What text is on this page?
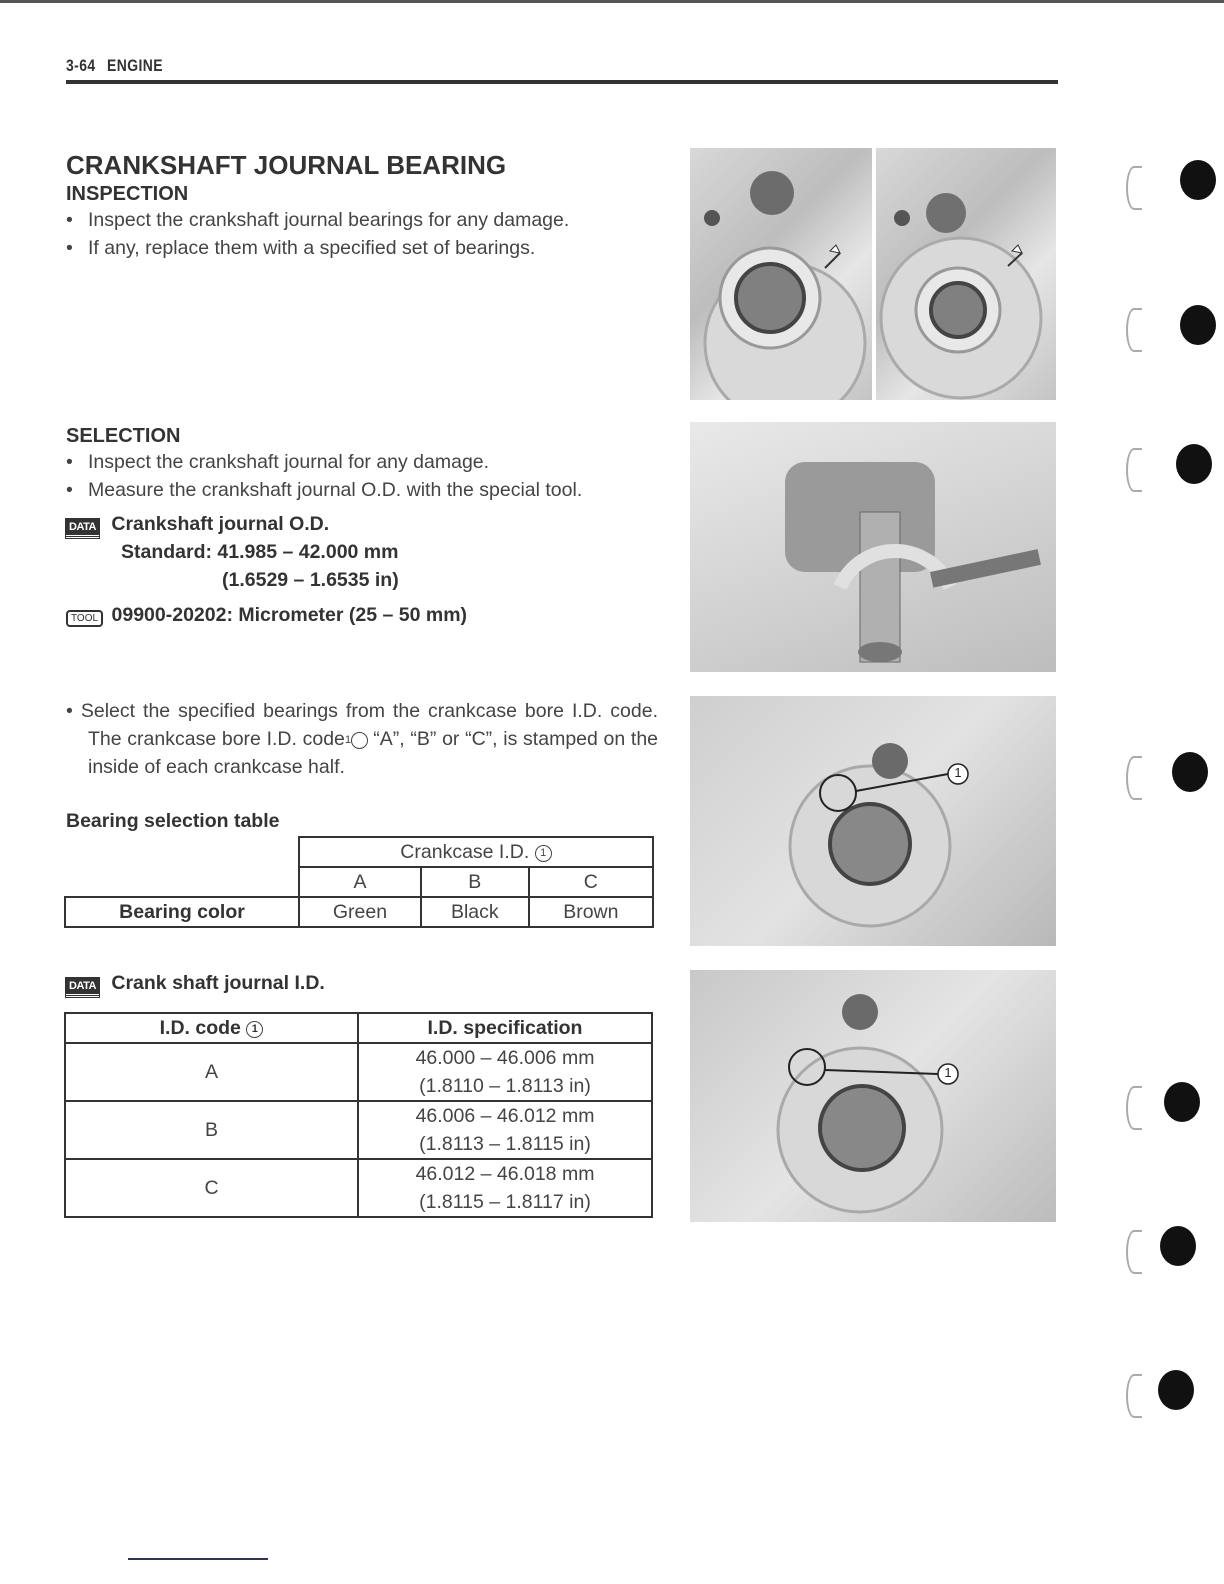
3-64 ENGINE
CRANKSHAFT JOURNAL BEARING
INSPECTION
• Inspect the crankshaft journal bearings for any damage.
• If any, replace them with a specified set of bearings.
SELECTION
• Inspect the crankshaft journal for any damage.
• Measure the crankshaft journal O.D. with the special tool.
DATA Crankshaft journal O.D.
Standard: 41.985 – 42.000 mm
(1.6529 – 1.6535 in)
TOOL 09900-20202: Micrometer (25 – 50 mm)
• Select the specified bearings from the crankcase bore I.D. code. The crankcase bore I.D. code 1 “A”, “B” or “C”, is stamped on the inside of each crankcase half.
Bearing selection table
	Crankcase I.D. 1		
	A	B	C
Bearing color	Green	Black	Brown
DATA Crank shaft journal I.D.
I.D. code 1	I.D. specification
A	46.000 – 46.006 mm
(1.8110 – 1.8113 in)

B	46.006 – 46.012 mm
(1.8113 – 1.8115 in)

C	46.012 – 46.018 mm
(1.8115 – 1.8117 in)
1
1
